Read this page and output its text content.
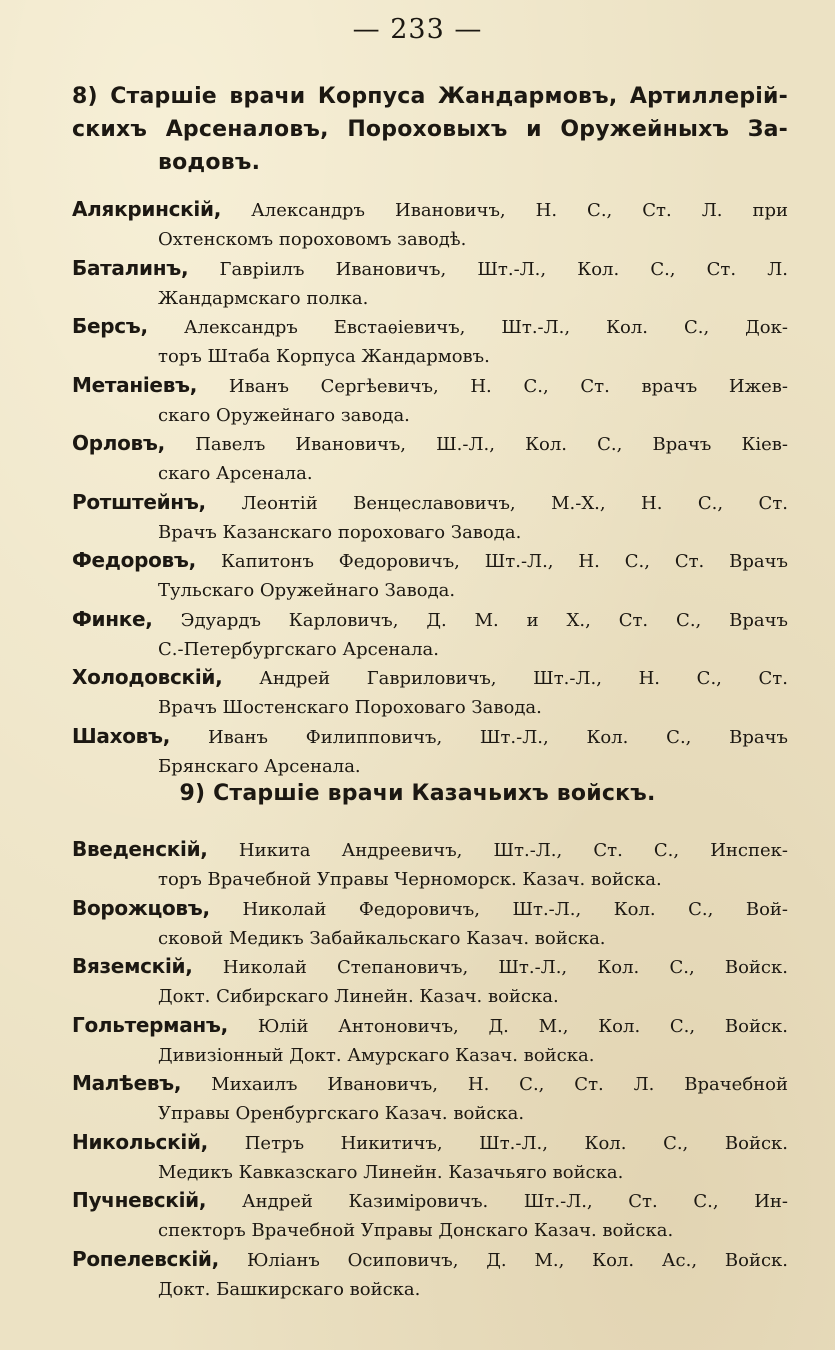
— 233 —
8) Старшіе врачи Корпуса Жандармовъ, Артиллерій-
скихъ Арсеналовъ, Пороховыхъ и Оружейныхъ За-
водовъ.
Алякринскій, Александръ Ивановичъ, Н. С., Ст. Л. при
Охтенскомъ пороховомъ заводѣ.
Баталинъ, Гавріилъ Ивановичъ, Шт.-Л., Кол. С., Ст. Л.
Жандармскаго полка.
Берсъ, Александръ Евстаѳіевичъ, Шт.-Л., Кол. С., Док-
торъ Штаба Корпуса Жандармовъ.
Метаніевъ, Иванъ Сергѣевичъ, Н. С., Ст. врачъ Ижев-
скаго Оружейнаго завода.
Орловъ, Павелъ Ивановичъ, Ш.-Л., Кол. С., Врачъ Кіев-
скаго Арсенала.
Ротштейнъ, Леонтій Венцеславовичъ, М.-Х., Н. С., Ст.
Врачъ Казанскаго пороховаго Завода.
Федоровъ, Капитонъ Федоровичъ, Шт.-Л., Н. С., Ст. Врачъ
Тульскаго Оружейнаго Завода.
Финке, Эдуардъ Карловичъ, Д. М. и Х., Ст. С., Врачъ
С.-Петербургскаго Арсенала.
Холодовскій, Андрей Гавриловичъ, Шт.-Л., Н. С., Ст.
Врачъ Шостенскаго Пороховаго Завода.
Шаховъ, Иванъ Филипповичъ, Шт.-Л., Кол. С., Врачъ
Брянскаго Арсенала.
9) Старшіе врачи Казачьихъ войскъ.
Введенскій, Никита Андреевичъ, Шт.-Л., Ст. С., Инспек-
торъ Врачебной Управы Черноморск. Казач. войска.
Ворожцовъ, Николай Федоровичъ, Шт.-Л., Кол. С., Вой-
сковой Медикъ Забайкальскаго Казач. войска.
Вяземскій, Николай Степановичъ, Шт.-Л., Кол. С., Войск.
Докт. Сибирскаго Линейн. Казач. войска.
Гольтерманъ, Юлій Антоновичъ, Д. М., Кол. С., Войск.
Дивизіонный Докт. Амурскаго Казач. войска.
Малѣевъ, Михаилъ Ивановичъ, Н. С., Ст. Л. Врачебной
Управы Оренбургскаго Казач. войска.
Никольскій, Петръ Никитичъ, Шт.-Л., Кол. С., Войск.
Медикъ Кавказскаго Линейн. Казачьяго войска.
Пучневскій, Андрей Казиміровичъ. Шт.-Л., Ст. С., Ин-
спекторъ Врачебной Управы Донскаго Казач. войска.
Ропелевскій, Юліанъ Осиповичъ, Д. М., Кол. Ас., Войск.
Докт. Башкирскаго войска.
